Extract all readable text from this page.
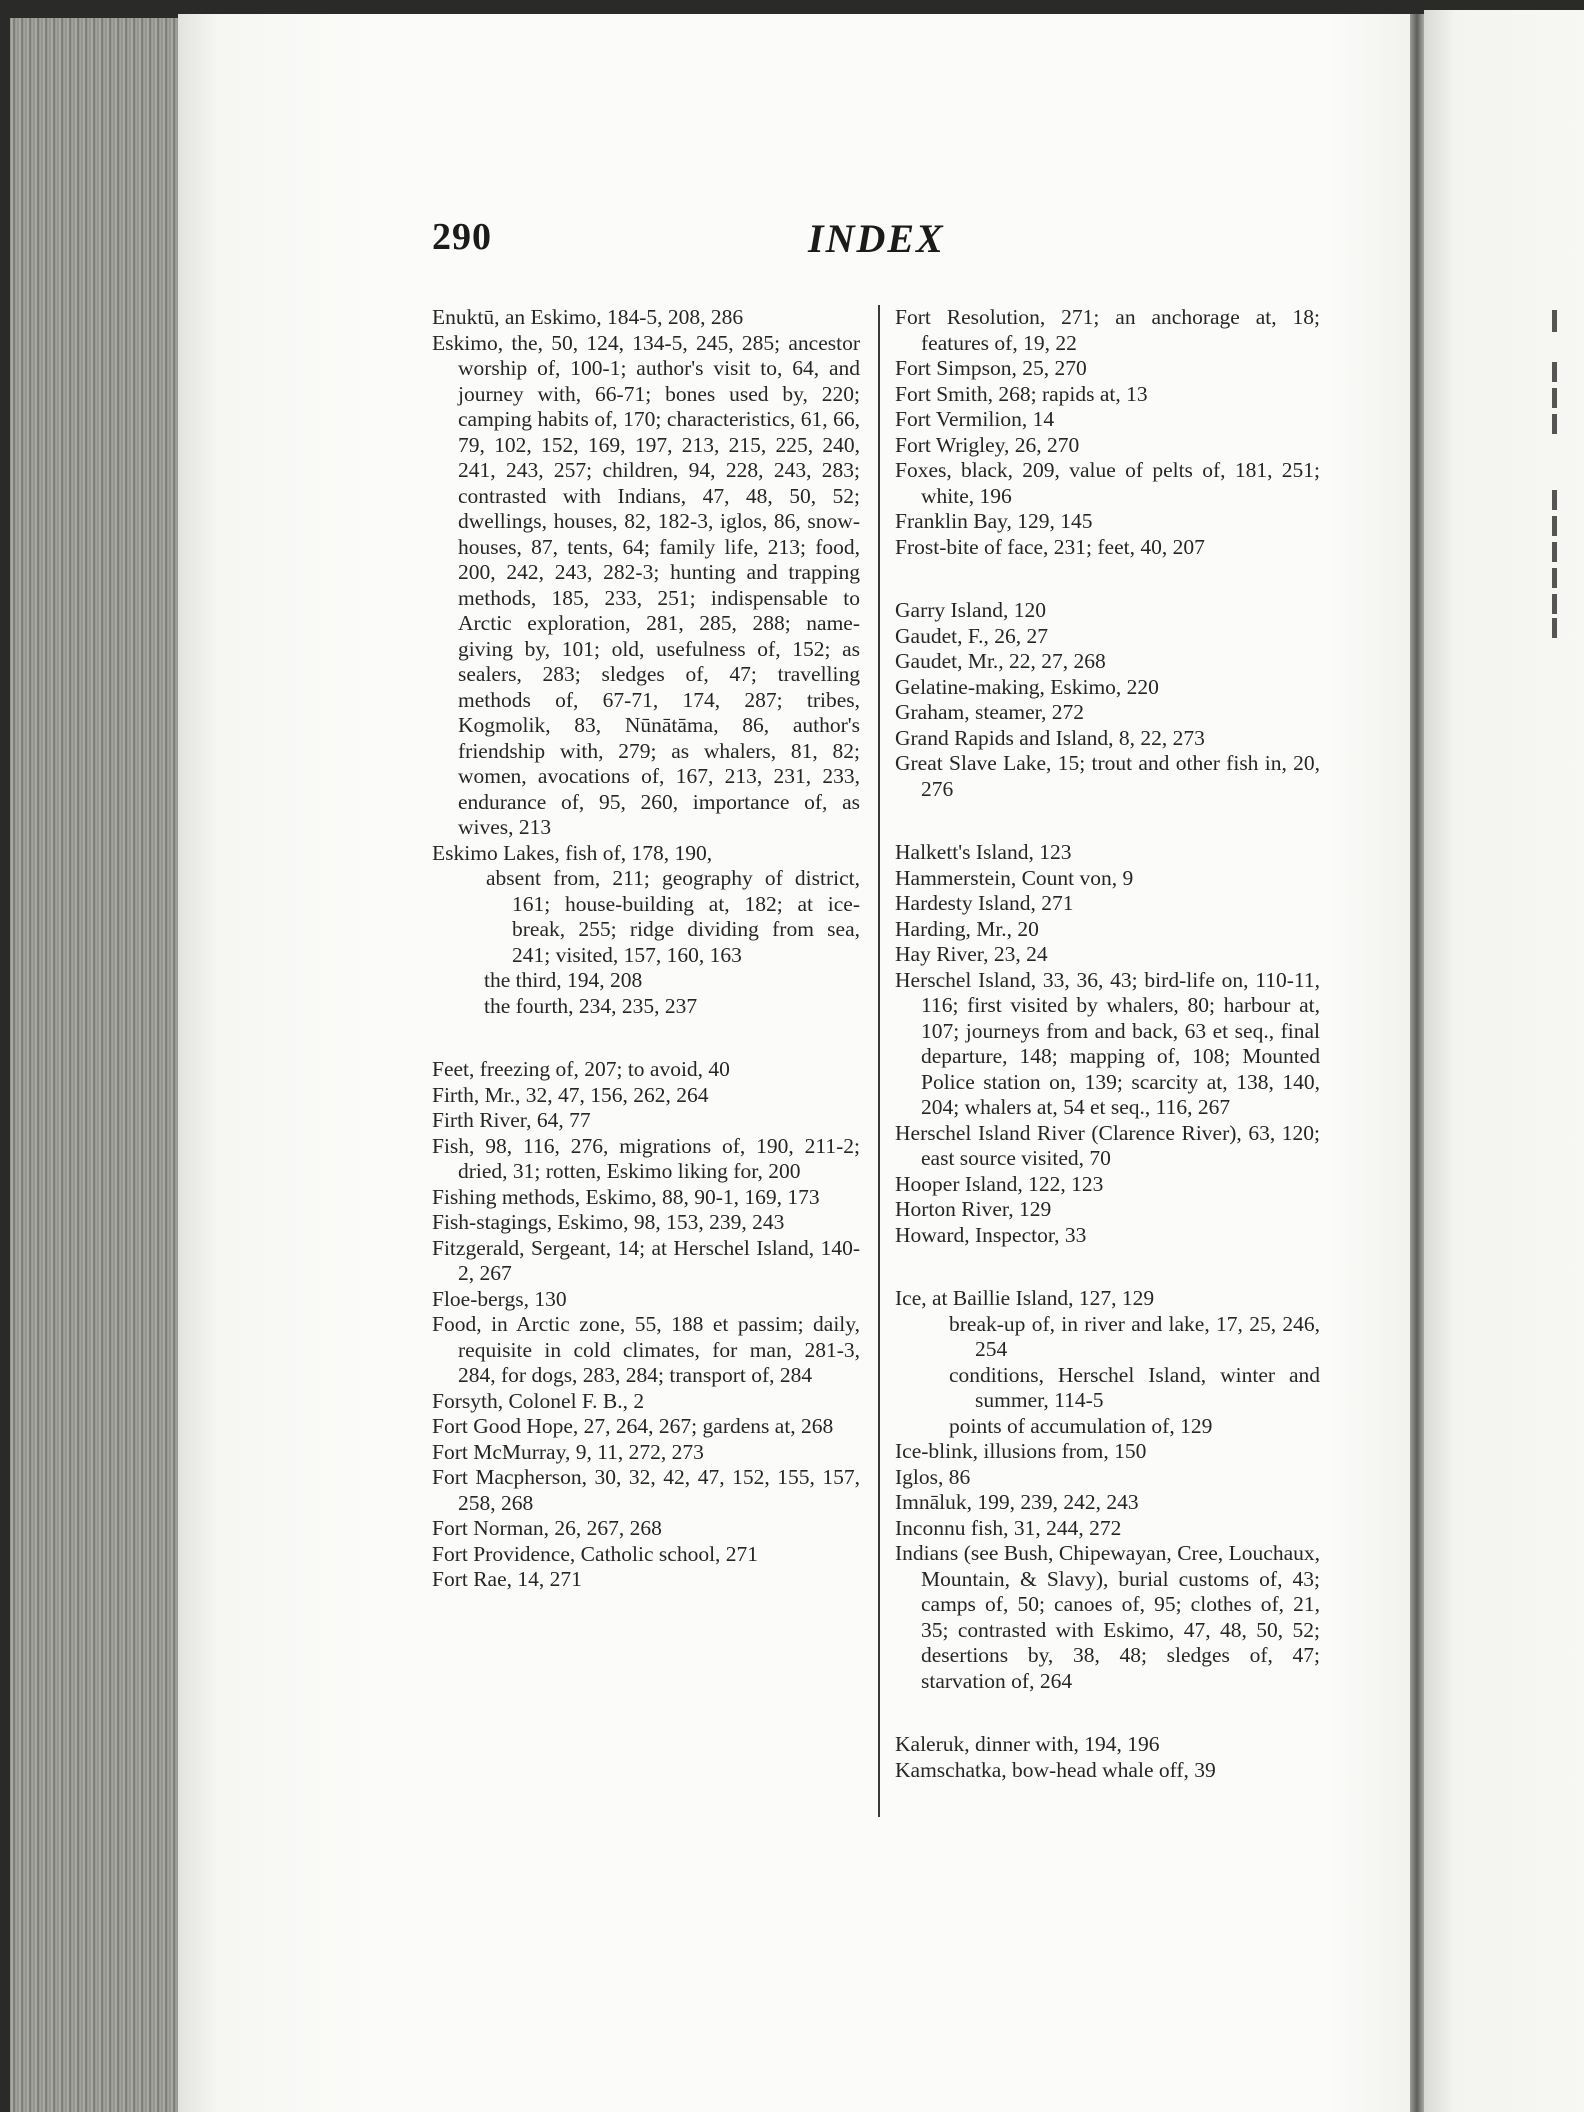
290	INDEX
Enuktū, an Eskimo, 184-5, 208, 286
Eskimo, the, 50, 124, 134-5, 245, 285; ancestor worship of, 100-1; author's visit to, 64, and journey with, 66-71; bones used by, 220; camping habits of, 170; characteristics, 61, 66, 79, 102, 152, 169, 197, 213, 215, 225, 240, 241, 243, 257; children, 94, 228, 243, 283; contrasted with Indians, 47, 48, 50, 52; dwellings, houses, 82, 182-3, iglos, 86, snow-houses, 87, tents, 64; family life, 213; food, 200, 242, 243, 282-3; hunting and trapping methods, 185, 233, 251; indispensable to Arctic exploration, 281, 285, 288; name-giving by, 101; old, usefulness of, 152; as sealers, 283; sledges of, 47; travelling methods of, 67-71, 174, 287; tribes, Kogmolik, 83, Nūnātāma, 86, author's friendship with, 279; as whalers, 81, 82; women, avocations of, 167, 213, 231, 233, endurance of, 95, 260, importance of, as wives, 213
Eskimo Lakes, fish of, 178, 190,
absent from, 211; geography of district, 161; house-building at, 182; at ice-break, 255; ridge dividing from sea, 241; visited, 157, 160, 163
the third, 194, 208
the fourth, 234, 235, 237
Feet, freezing of, 207; to avoid, 40
Firth, Mr., 32, 47, 156, 262, 264
Firth River, 64, 77
Fish, 98, 116, 276, migrations of, 190, 211-2; dried, 31; rotten, Eskimo liking for, 200
Fishing methods, Eskimo, 88, 90-1, 169, 173
Fish-stagings, Eskimo, 98, 153, 239, 243
Fitzgerald, Sergeant, 14; at Herschel Island, 140-2, 267
Floe-bergs, 130
Food, in Arctic zone, 55, 188 et passim; daily, requisite in cold climates, for man, 281-3, 284, for dogs, 283, 284; transport of, 284
Forsyth, Colonel F. B., 2
Fort Good Hope, 27, 264, 267; gardens at, 268
Fort McMurray, 9, 11, 272, 273
Fort Macpherson, 30, 32, 42, 47, 152, 155, 157, 258, 268
Fort Norman, 26, 267, 268
Fort Providence, Catholic school, 271
Fort Rae, 14, 271
Fort Resolution, 271; an anchorage at, 18; features of, 19, 22
Fort Simpson, 25, 270
Fort Smith, 268; rapids at, 13
Fort Vermilion, 14
Fort Wrigley, 26, 270
Foxes, black, 209, value of pelts of, 181, 251; white, 196
Franklin Bay, 129, 145
Frost-bite of face, 231; feet, 40, 207
Garry Island, 120
Gaudet, F., 26, 27
Gaudet, Mr., 22, 27, 268
Gelatine-making, Eskimo, 220
Graham, steamer, 272
Grand Rapids and Island, 8, 22, 273
Great Slave Lake, 15; trout and other fish in, 20, 276
Halkett's Island, 123
Hammerstein, Count von, 9
Hardesty Island, 271
Harding, Mr., 20
Hay River, 23, 24
Herschel Island, 33, 36, 43; bird-life on, 110-11, 116; first visited by whalers, 80; harbour at, 107; journeys from and back, 63 et seq., final departure, 148; mapping of, 108; Mounted Police station on, 139; scarcity at, 138, 140, 204; whalers at, 54 et seq., 116, 267
Herschel Island River (Clarence River), 63, 120; east source visited, 70
Hooper Island, 122, 123
Horton River, 129
Howard, Inspector, 33
Ice, at Baillie Island, 127, 129
break-up of, in river and lake, 17, 25, 246, 254
conditions, Herschel Island, winter and summer, 114-5
points of accumulation of, 129
Ice-blink, illusions from, 150
Iglos, 86
Imnāluk, 199, 239, 242, 243
Inconnu fish, 31, 244, 272
Indians (see Bush, Chipewayan, Cree, Louchaux, Mountain, & Slavy), burial customs of, 43; camps of, 50; canoes of, 95; clothes of, 21, 35; contrasted with Eskimo, 47, 48, 50, 52; desertions by, 38, 48; sledges of, 47; starvation of, 264
Kaleruk, dinner with, 194, 196
Kamschatka, bow-head whale off, 39
